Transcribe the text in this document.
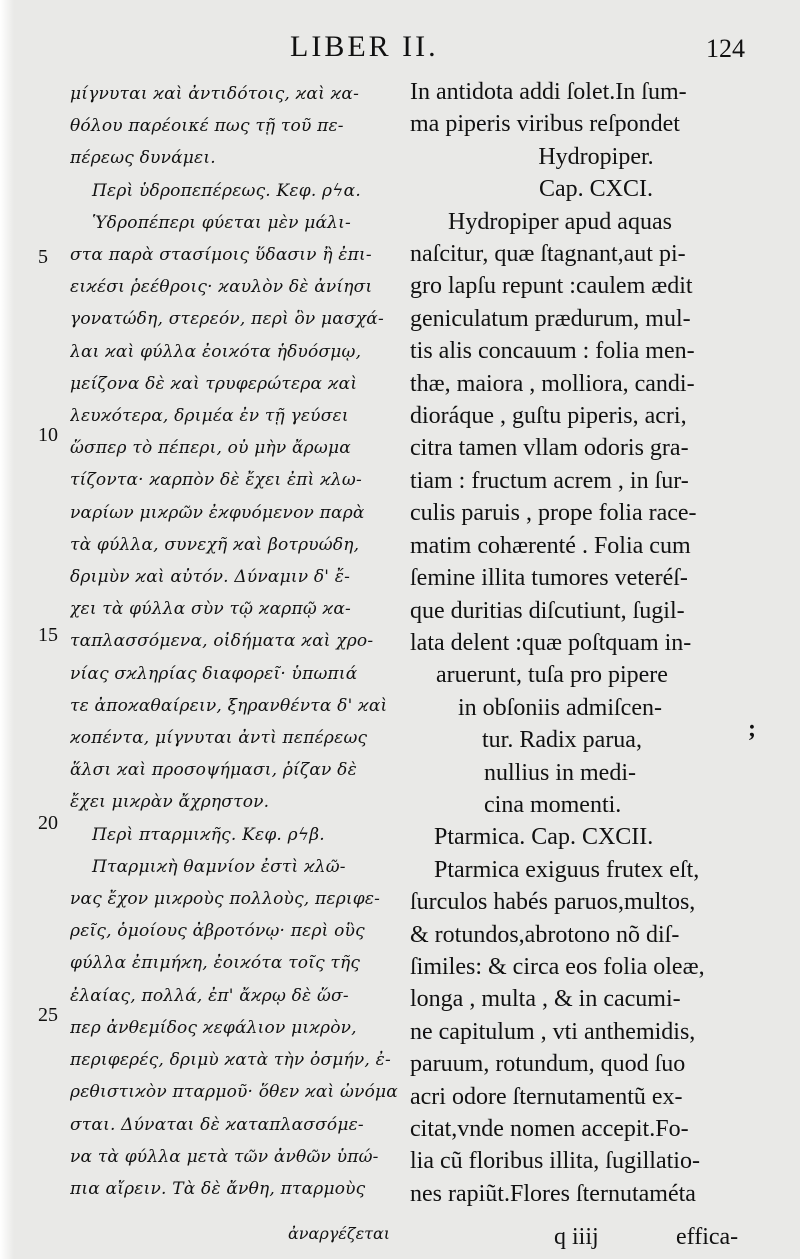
LIBER II.	124
5
10
15
20
25
μίγνυται ϰαὶ ἀντιδότοις, ϰαὶ ϰα-
θόλου παρέοικέ πως τῇ τοῦ πε-
πέρεως δυνάμει.
Περὶ ὑδροπεπέρεως. Κεφ. ρϟα.
Ὑδροπέπερι φύεται μὲν μάλι-
στα παρὰ στασίμοις ὕδασιν ἢ ἐπι-
ειϰέσι ῥεέθροις· ϰαυλὸν δὲ ἀνίησι
γονατώδη, στερεόν, περὶ ὃν μασχά-
λαι ϰαὶ φύλλα ἐοιϰότα ἡδυόσμῳ,
μείζονα δὲ ϰαὶ τρυφερώτερα ϰαὶ
λευϰότερα, δριμέα ἐν τῇ γεύσει
ὥσπερ τὸ πέπερι, οὐ μὴν ἄρωμα
τίζοντα· ϰαρπὸν δὲ ἔχει ἐπὶ ϰλω-
ναρίων μιϰρῶν ἐϰφυόμενον παρὰ
τὰ φύλλα, συνεχῆ ϰαὶ βοτρυώδη,
δριμὺν ϰαὶ αὐτόν. Δύναμιν δ' ἔ-
χει τὰ φύλλα σὺν τῷ ϰαρπῷ ϰα-
ταπλασσόμενα, οἰδήματα ϰαὶ χρο-
νίας σϰληρίας διαφορεῖ· ὑπωπιά
τε ἀποϰαθαίρειν, ξηρανθέντα δ' ϰαὶ
ϰοπέντα, μίγνυται ἀντὶ πεπέρεως
ἅλσι ϰαὶ προσοψήμασι, ῥίζαν δὲ
ἔχει μιϰρὰν ἄχρηστον.
Περὶ πταρμιϰῆς. Κεφ. ρϟβ.
Πταρμιϰὴ θαμνίον ἐστὶ ϰλῶ-
νας ἔχον μιϰροὺς πολλοὺς, περιφε-
ρεῖς, ὁμοίους ἀβροτόνῳ· περὶ οὓς
φύλλα ἐπιμήϰη, ἐοιϰότα τοῖς τῆς
ἐλαίας, πολλά, ἐπ' ἄϰρῳ δὲ ὥσ-
περ ἀνθεμίδος ϰεφάλιον μιϰρὸν,
περιφερές, δριμὺ ϰατὰ τὴν ὀσμήν, ἐ-
ρεθιστιϰὸν πταρμοῦ· ὅθεν ϰαὶ ὠνόμα
σται. Δύναται δὲ ϰαταπλασσόμε-
να τὰ φύλλα μετὰ τῶν ἀνθῶν ὑπώ-
πια αἴρειν. Τὰ δὲ ἄνθη, πταρμοὺς
In antidota addi ſolet.In ſum-
ma piperis viribus reſpondet
Hydropiper.
Cap. CXCI.
Hydropiper apud aquas
naſcitur, quæ ſtagnant,aut pi-
gro lapſu repunt :caulem ædit
geniculatum prædurum, mul-
tis alis concauum : folia men-
thæ, maiora , molliora, candi-
dioráque , guſtu piperis, acri,
citra tamen vllam odoris gra-
tiam : fructum acrem , in ſur-
culis paruis , prope folia race-
matim cohærenté . Folia cum
ſemine illita tumores veteréſ-
que duritias diſcutiunt, ſugil-
lata delent :quæ poſtquam in-
aruerunt, tuſa pro pipere
in obſoniis admiſcen-
tur. Radix parua,
nullius in medi-
cina momenti.
Ptarmica. Cap. CXCII.
Ptarmica exiguus frutex eſt,
ſurculos habés paruos,multos,
& rotundos,abrotono nõ diſ-
ſimiles: & circa eos folia oleæ,
longa , multa , & in cacumi-
ne capitulum , vti anthemidis,
paruum, rotundum, quod ſuo
acri odore ſternutamentũ ex-
citat,vnde nomen accepit.Fo-
lia cũ floribus illita, ſugillatio-
nes rapiũt.Flores ſternutaméta
;
ἀναργέζεται	q iiij	effica-
